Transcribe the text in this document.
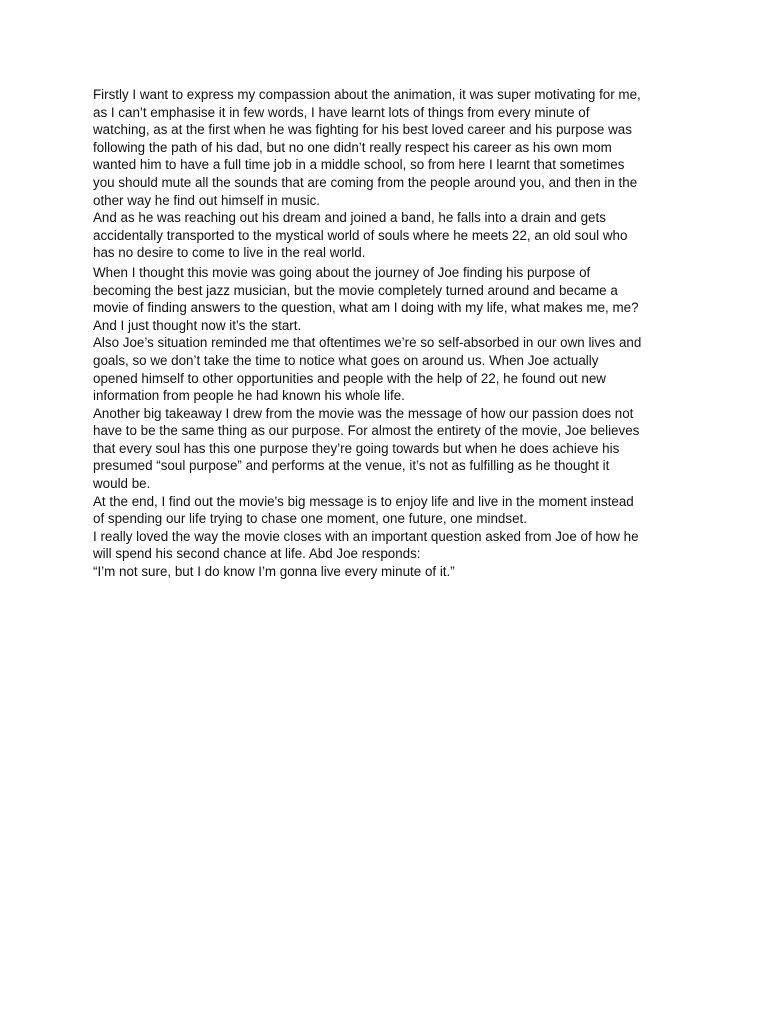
Firstly I want to express my compassion about the animation, it was super motivating for me,
as I can’t emphasise it in few words, I have learnt lots of things from every minute of
watching, as at the first when he was fighting for his best loved career and his purpose was
following the path of his dad, but no one didn’t really respect his career as his own mom
wanted him to have a full time job in a middle school, so from here I learnt that sometimes
you should mute all the sounds that are coming from the people around you, and then in the
other way he find out himself in music.
And as he was reaching out his dream and joined a band, he falls into a drain and gets
accidentally transported to the mystical world of souls where he meets 22, an old soul who
has no desire to come to live in the real world.
When I thought this movie was going about the journey of Joe finding his purpose of
becoming the best jazz musician, but the movie completely turned around and became a
movie of finding answers to the question, what am I doing with my life, what makes me, me?
And I just thought now it’s the start.
Also Joe’s situation reminded me that oftentimes we’re so self-absorbed in our own lives and
goals, so we don’t take the time to notice what goes on around us. When Joe actually
opened himself to other opportunities and people with the help of 22, he found out new
information from people he had known his whole life.
Another big takeaway I drew from the movie was the message of how our passion does not
have to be the same thing as our purpose. For almost the entirety of the movie, Joe believes
that every soul has this one purpose they’re going towards but when he does achieve his
presumed “soul purpose” and performs at the venue, it’s not as fulfilling as he thought it
would be.
At the end, I find out the movie's big message is to enjoy life and live in the moment instead
of spending our life trying to chase one moment, one future, one mindset.
I really loved the way the movie closes with an important question asked from Joe of how he
will spend his second chance at life. Abd Joe responds:
“I’m not sure, but I do know I’m gonna live every minute of it.”
